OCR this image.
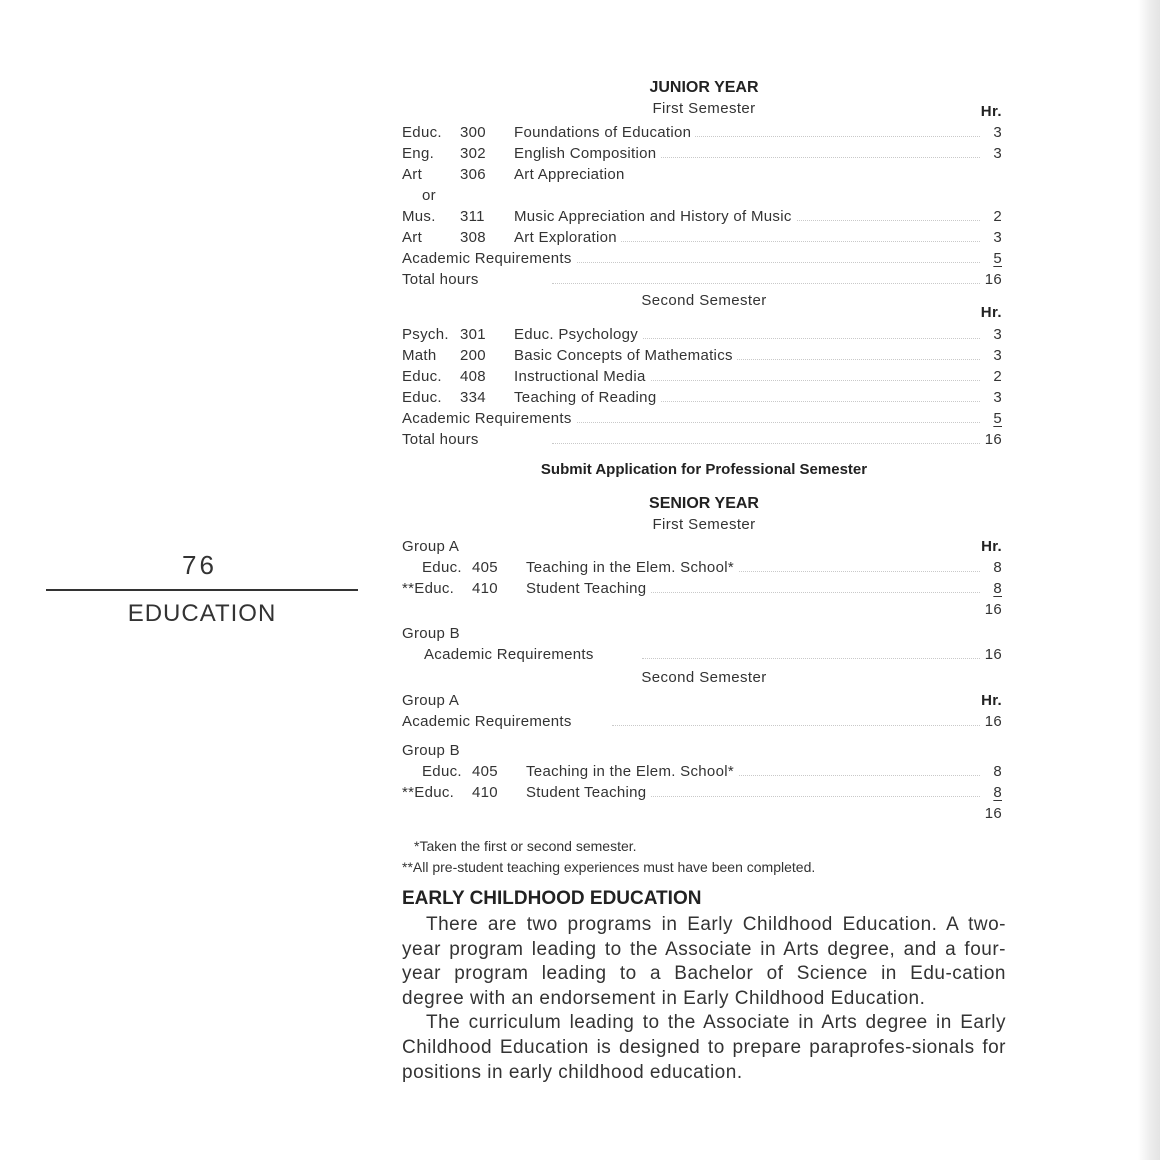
76
EDUCATION
JUNIOR YEAR
First Semester	Hr.
Educ. 300 Foundations of Education	3
Eng. 302 English Composition	3
Art	306 Art Appreciation
or
Mus. 311 Music Appreciation and History of Music	2
Art	308 Art Exploration	3
Academic Requirements	5
Total hours	16
Second Semester
Hr.
Psych. 301 Educ. Psychology	3
Math 200 Basic Concepts of Mathematics	3
Educ. 408 Instructional Media	2
Educ. 334 Teaching of Reading	3
Academic Requirements	5
Total hours	16
Submit Application for Professional Semester
SENIOR YEAR
First Semester
Group A	Hr.
Educ. 405 Teaching in the Elem. School*	8
**Educ. 410 Student Teaching	8
16
Group B
Academic Requirements	16
Second Semester
Group A	Hr.
Academic Requirements	16
Group B
Educ. 405 Teaching in the Elem. School*	8
**Educ. 410 Student Teaching	8
16
*Taken the first or second semester.
**All pre-student teaching experiences must have been completed.
EARLY CHILDHOOD EDUCATION

There are two programs in Early Childhood Education. A two-year program leading to the Associate in Arts degree, and a four-year program leading to a Bachelor of Science in Edu-cation degree with an endorsement in Early Childhood Education.

The curriculum leading to the Associate in Arts degree in Early Childhood Education is designed to prepare paraprofes-sionals for positions in early childhood education.
